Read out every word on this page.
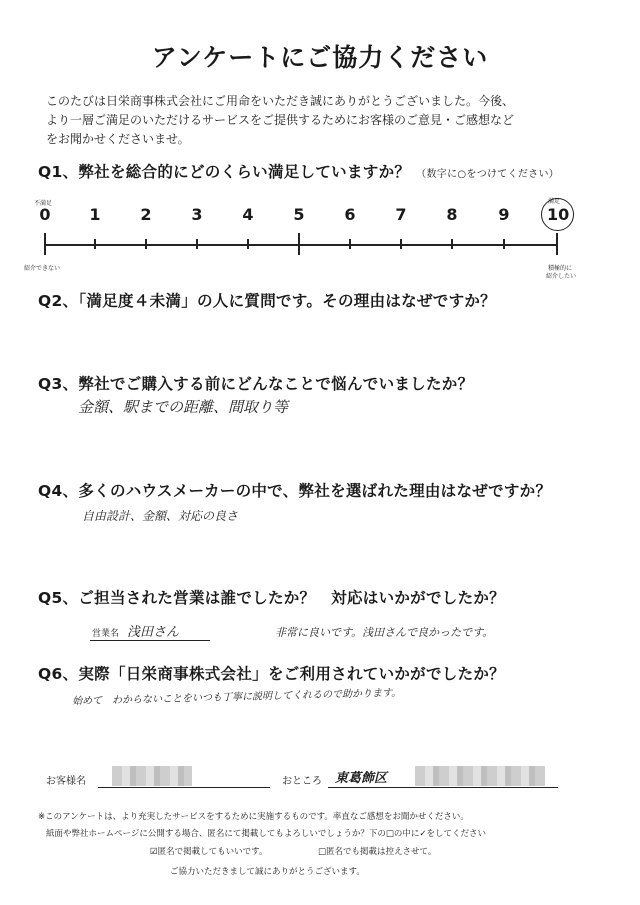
アンケートにご協力ください
このたびは日栄商事株式会社にご用命をいただき誠にありがとうございました。今後、
より一層ご満足のいただけるサービスをご提供するためにお客様のご意見・ご感想など
をお聞かせくださいませ。
Q1、弊社を総合的にどのくらい満足していますか？ （数字に○をつけてください）
不満足
紹介できない
満足
積極的に
紹介したい
0 1 2 3 4 5 6 7 8	9 10
Q2、「満足度４未満」の人に質問です。その理由はなぜですか？
Q3、弊社でご購入する前にどんなことで悩んでいましたか？
金額、駅までの距離、間取り等
Q4、多くのハウスメーカーの中で、弊社を選ばれた理由はなぜですか？
自由設計、金額、対応の良さ
Q5、ご担当された営業は誰でしたか？　対応はいかがでしたか？
営業名 浅田さん	非常に良いです。浅田さんで良かったです。
Q6、実際「日栄商事株式会社」をご利用されていかがでしたか？
始めて　わからないことをいつも丁寧に説明してくれるので助かります。
お客様名	おところ 東葛飾区
※このアンケートは、より充実したサービスをするために実施するものです。率直なご感想をお聞かせください。
紙面や弊社ホームページに公開する場合、匿名にて掲載してもよろしいでしょうか？下の□の中に✓をしてください
☑匿名で掲載してもいいです。	□匿名でも掲載は控えさせて。
ご協力いただきまして誠にありがとうございます。
